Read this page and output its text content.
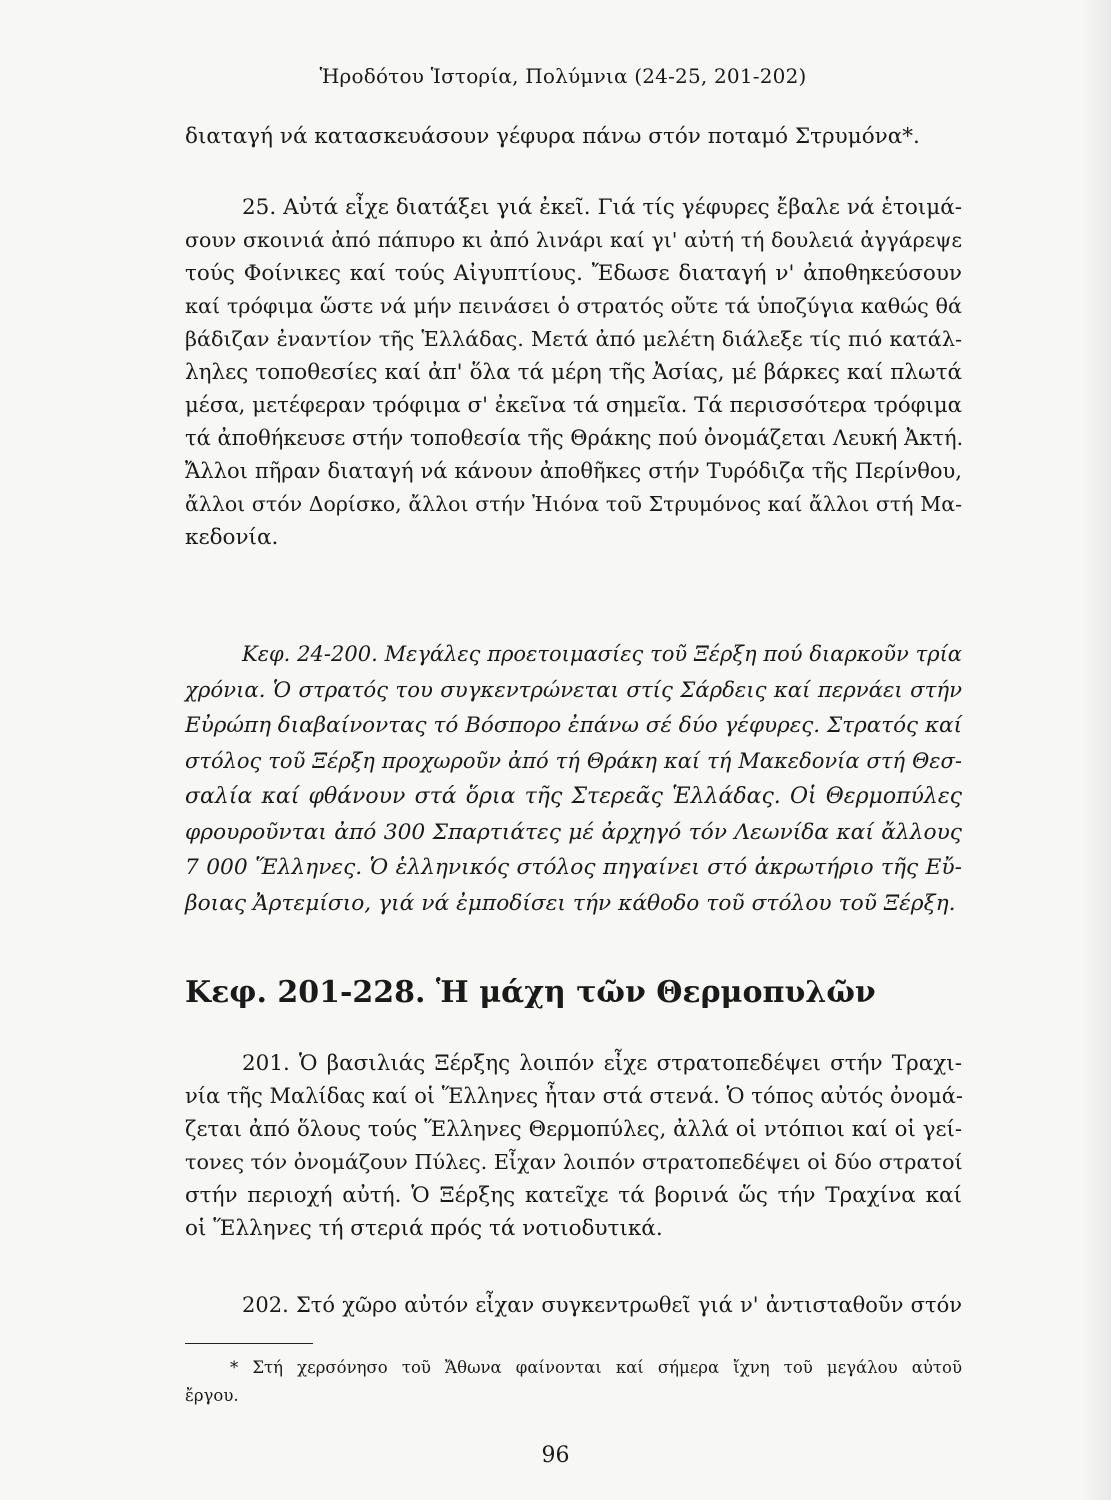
Ἡροδότου Ἱστορία, Πολύμνια (24-25, 201-202)
διαταγή νά κατασκευάσουν γέφυρα πάνω στόν ποταμό Στρυμόνα*.
25. Αὐτά εἶχε διατάξει γιά ἐκεῖ. Γιά τίς γέφυρες ἔβαλε νά ἑτοιμά-
σουν σκοινιά ἀπό πάπυρο κι ἀπό λινάρι καί γι' αὐτή τή δουλειά ἀγγάρεψε
τούς Φοίνικες καί τούς Αἰγυπτίους. Ἔδωσε διαταγή ν' ἀποθηκεύσουν
καί τρόφιμα ὥστε νά μήν πεινάσει ὁ στρατός οὔτε τά ὑποζύγια καθώς θά
βάδιζαν ἐναντίον τῆς Ἑλλάδας. Μετά ἀπό μελέτη διάλεξε τίς πιό κατάλ-
ληλες τοποθεσίες καί ἀπ' ὅλα τά μέρη τῆς Ἀσίας, μέ βάρκες καί πλωτά
μέσα, μετέφεραν τρόφιμα σ' ἐκεῖνα τά σημεῖα. Τά περισσότερα τρόφιμα
τά ἀποθήκευσε στήν τοποθεσία τῆς Θράκης πού ὀνομάζεται Λευκή Ἀκτή.
Ἄλλοι πῆραν διαταγή νά κάνουν ἀποθῆκες στήν Τυρόδιζα τῆς Περίνθου,
ἄλλοι στόν Δορίσκο, ἄλλοι στήν Ἠιόνα τοῦ Στρυμόνος καί ἄλλοι στή Μα-
κεδονία.
Κεφ. 24-200. Μεγάλες προετοιμασίες τοῦ Ξέρξη πού διαρκοῦν τρία
χρόνια. Ὁ στρατός του συγκεντρώνεται στίς Σάρδεις καί περνάει στήν
Εὐρώπη διαβαίνοντας τό Βόσπορο ἐπάνω σέ δύο γέφυρες. Στρατός καί
στόλος τοῦ Ξέρξη προχωροῦν ἀπό τή Θράκη καί τή Μακεδονία στή Θεσ-
σαλία καί φθάνουν στά ὅρια τῆς Στερεᾶς Ἑλλάδας. Οἱ Θερμοπύλες
φρουροῦνται ἀπό 300 Σπαρτιάτες μέ ἀρχηγό τόν Λεωνίδα καί ἄλλους
7 000 Ἕλληνες. Ὁ ἑλληνικός στόλος πηγαίνει στό ἀκρωτήριο τῆς Εὔ-
βοιας Ἀρτεμίσιο, γιά νά ἐμποδίσει τήν κάθοδο τοῦ στόλου τοῦ Ξέρξη.
Κεφ. 201-228. Ἡ μάχη τῶν Θερμοπυλῶν
201. Ὁ βασιλιάς Ξέρξης λοιπόν εἶχε στρατοπεδέψει στήν Τραχι-
νία τῆς Μαλίδας καί οἱ Ἕλληνες ἦταν στά στενά. Ὁ τόπος αὐτός ὀνομά-
ζεται ἀπό ὅλους τούς Ἕλληνες Θερμοπύλες, ἀλλά οἱ ντόπιοι καί οἱ γεί-
τονες τόν ὀνομάζουν Πύλες. Εἶχαν λοιπόν στρατοπεδέψει οἱ δύο στρατοί
στήν περιοχή αὐτή. Ὁ Ξέρξης κατεῖχε τά βορινά ὥς τήν Τραχίνα καί
οἱ Ἕλληνες τή στεριά πρός τά νοτιοδυτικά.
202. Στό χῶρο αὐτόν εἶχαν συγκεντρωθεῖ γιά ν' ἀντισταθοῦν στόν
* Στή χερσόνησο τοῦ Ἄθωνα φαίνονται καί σήμερα ἴχνη τοῦ μεγάλου αὐτοῦ
ἔργου.
96
